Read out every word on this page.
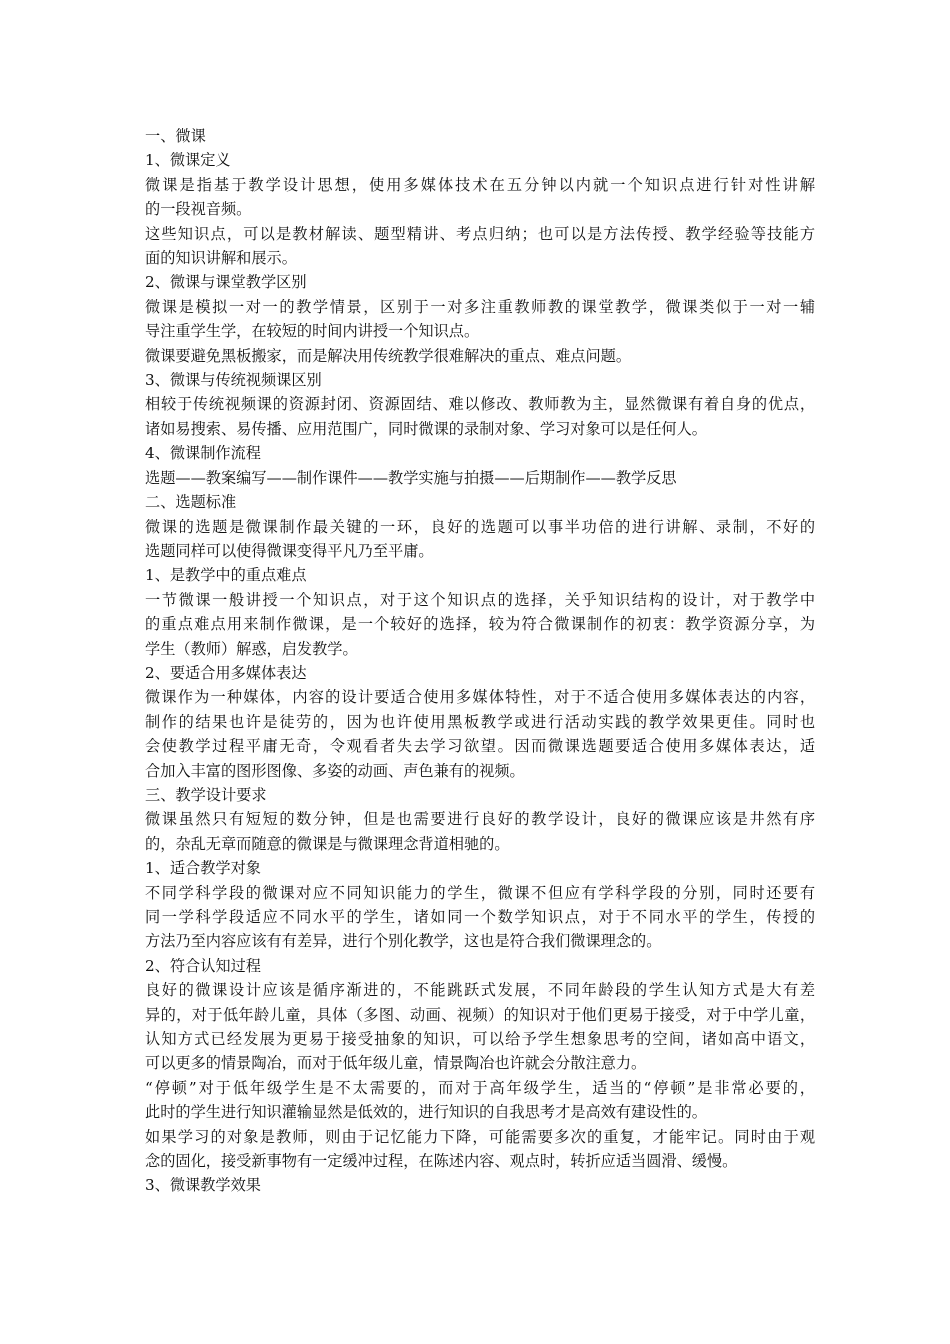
一、微课
1、微课定义
微课是指基于教学设计思想，使用多媒体技术在五分钟以内就一个知识点进行针对性讲解
的一段视音频。
这些知识点，可以是教材解读、题型精讲、考点归纳；也可以是方法传授、教学经验等技能方
面的知识讲解和展示。
2、微课与课堂教学区别
微课是模拟一对一的教学情景，区别于一对多注重教师教的课堂教学，微课类似于一对一辅
导注重学生学，在较短的时间内讲授一个知识点。
微课要避免黑板搬家，而是解决用传统教学很难解决的重点、难点问题。
3、微课与传统视频课区别
相较于传统视频课的资源封闭、资源固结、难以修改、教师教为主，显然微课有着自身的优点，
诸如易搜索、易传播、应用范围广，同时微课的录制对象、学习对象可以是任何人。
4、微课制作流程
选题——教案编写——制作课件——教学实施与拍摄——后期制作——教学反思
二、选题标准
微课的选题是微课制作最关键的一环，良好的选题可以事半功倍的进行讲解、录制，不好的
选题同样可以使得微课变得平凡乃至平庸。
1、是教学中的重点难点
一节微课一般讲授一个知识点，对于这个知识点的选择，关乎知识结构的设计，对于教学中
的重点难点用来制作微课，是一个较好的选择，较为符合微课制作的初衷：教学资源分享，为
学生（教师）解惑，启发教学。
2、要适合用多媒体表达
微课作为一种媒体，内容的设计要适合使用多媒体特性，对于不适合使用多媒体表达的内容，
制作的结果也许是徒劳的，因为也许使用黑板教学或进行活动实践的教学效果更佳。同时也
会使教学过程平庸无奇，令观看者失去学习欲望。因而微课选题要适合使用多媒体表达，适
合加入丰富的图形图像、多姿的动画、声色兼有的视频。
三、教学设计要求
微课虽然只有短短的数分钟，但是也需要进行良好的教学设计，良好的微课应该是井然有序
的，杂乱无章而随意的微课是与微课理念背道相驰的。
1、适合教学对象
不同学科学段的微课对应不同知识能力的学生，微课不但应有学科学段的分别，同时还要有
同一学科学段适应不同水平的学生，诸如同一个数学知识点，对于不同水平的学生，传授的
方法乃至内容应该有有差异，进行个别化教学，这也是符合我们微课理念的。
2、符合认知过程
良好的微课设计应该是循序渐进的，不能跳跃式发展，不同年龄段的学生认知方式是大有差
异的，对于低年龄儿童，具体（多图、动画、视频）的知识对于他们更易于接受，对于中学儿童，
认知方式已经发展为更易于接受抽象的知识，可以给予学生想象思考的空间，诸如高中语文，
可以更多的情景陶冶，而对于低年级儿童，情景陶冶也许就会分散注意力。
“停顿”对于低年级学生是不太需要的，而对于高年级学生，适当的“停顿”是非常必要的，
此时的学生进行知识灌输显然是低效的，进行知识的自我思考才是高效有建设性的。
如果学习的对象是教师，则由于记忆能力下降，可能需要多次的重复，才能牢记。同时由于观
念的固化，接受新事物有一定缓冲过程，在陈述内容、观点时，转折应适当圆滑、缓慢。
3、微课教学效果
